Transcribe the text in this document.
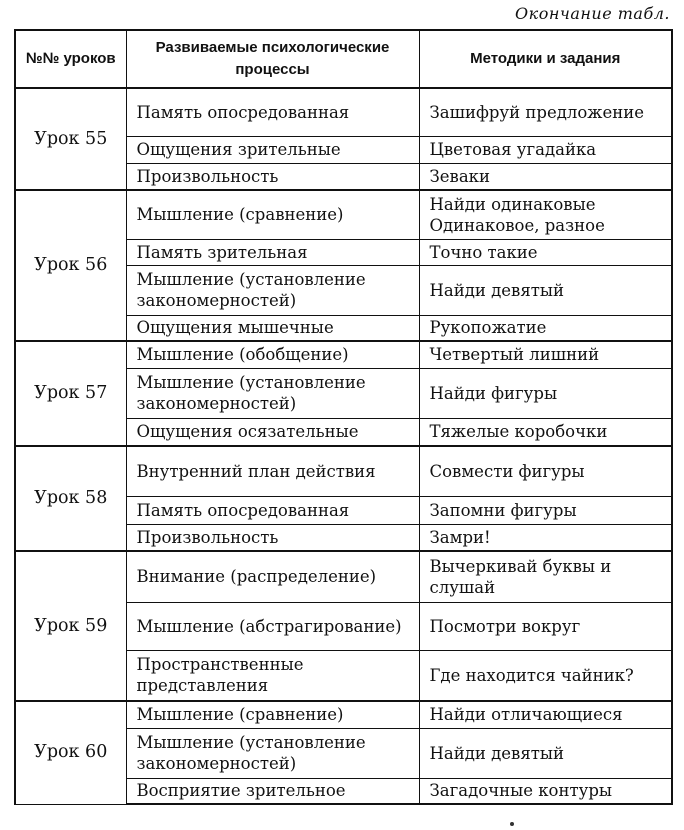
Окончание табл.
№№ уроков	Развиваемые психологические процессы	Методики и задания
Урок 55	Память опосредованная	Зашифруй предложение
	Ощущения зрительные	Цветовая угадайка
	Произвольность	Зеваки
Урок 56	Мышление (сравнение)	Найди одинаковые Одинаковое, разное
	Память зрительная	Точно такие
	Мышление (установление закономерностей)	Найди девятый
	Ощущения мышечные	Рукопожатие
Урок 57	Мышление (обобщение)	Четвертый лишний
	Мышление (установление закономерностей)	Найди фигуры
	Ощущения осязательные	Тяжелые коробочки
Урок 58	Внутренний план действия	Совмести фигуры
	Память опосредованная	Запомни фигуры
	Произвольность	Замри!
Урок 59	Внимание (распределение)	Вычеркивай буквы и слушай
	Мышление (абстрагирование)	Посмотри вокруг
	Пространственные представления	Где находится чайник?
Урок 60	Мышление (сравнение)	Найди отличающиеся
	Мышление (установление закономерностей)	Найди девятый
	Восприятие зрительное	Загадочные контуры
